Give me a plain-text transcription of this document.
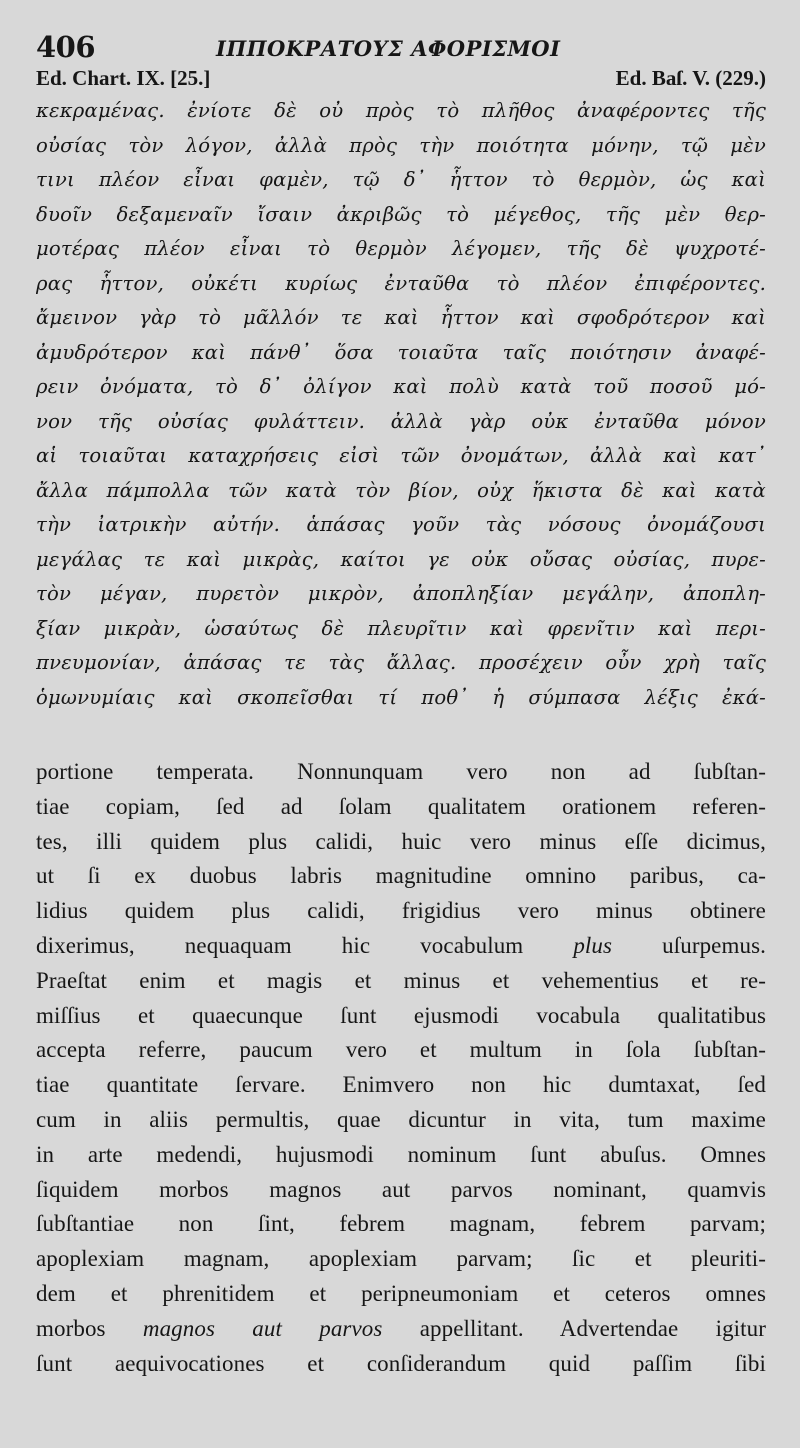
406	ΙΠΠΟΚΡΑΤΟΥΣ ΑΦΟΡΙΣΜΟΙ
Ed. Chart. IX. [25.]	Ed. Baſ. V. (229.)
κεκραμένας. ἐνίοτε δὲ οὐ πρὸς τὸ πλῆθος ἀναφέροντες τῆς
οὐσίας τὸν λόγον, ἀλλὰ πρὸς τὴν ποιότητα μόνην, τῷ μὲν
τινι πλέον εἶναι φαμὲν, τῷ δ᾽ ἧττον τὸ θερμὸν, ὡς καὶ
δυοῖν δεξαμεναῖν ἴσαιν ἀκριβῶς τὸ μέγεθος, τῆς μὲν θερ-
μοτέρας πλέον εἶναι τὸ θερμὸν λέγομεν, τῆς δὲ ψυχροτέ-
ρας ἧττον, οὐκέτι κυρίως ἐνταῦθα τὸ πλέον ἐπιφέροντες.
ἄμεινον γὰρ τὸ μᾶλλόν τε καὶ ἧττον καὶ σφοδρότερον καὶ
ἀμυδρότερον καὶ πάνθ᾽ ὅσα τοιαῦτα ταῖς ποιότησιν ἀναφέ-
ρειν ὀνόματα, τὸ δ᾽ ὀλίγον καὶ πολὺ κατὰ τοῦ ποσοῦ μό-
νον τῆς οὐσίας φυλάττειν. ἀλλὰ γὰρ οὐκ ἐνταῦθα μόνον
αἱ τοιαῦται καταχρήσεις εἰσὶ τῶν ὀνομάτων, ἀλλὰ καὶ κατ᾽
ἄλλα πάμπολλα τῶν κατὰ τὸν βίον, οὐχ ἥκιστα δὲ καὶ κατὰ
τὴν ἰατρικὴν αὐτήν. ἁπάσας γοῦν τὰς νόσους ὀνομάζουσι
μεγάλας τε καὶ μικρὰς, καίτοι γε οὐκ οὔσας οὐσίας, πυρε-
τὸν μέγαν, πυρετὸν μικρὸν, ἀποπληξίαν μεγάλην, ἀποπλη-
ξίαν μικρὰν, ὡσαύτως δὲ πλευρῖτιν καὶ φρενῖτιν καὶ περι-
πνευμονίαν, ἁπάσας τε τὰς ἄλλας. προσέχειν οὖν χρὴ ταῖς
ὁμωνυμίαις καὶ σκοπεῖσθαι τί ποθ᾽ ἡ σύμπασα λέξις ἐκά-
portione temperata. Nonnunquam vero non ad ſubſtan-
tiae copiam, ſed ad ſolam qualitatem orationem referen-
tes, illi quidem plus calidi, huic vero minus eſſe dicimus,
ut ſi ex duobus labris magnitudine omnino paribus, ca-
lidius quidem plus calidi, frigidius vero minus obtinere
dixerimus, nequaquam hic vocabulum plus uſurpemus.
Praeſtat enim et magis et minus et vehementius et re-
miſſius et quaecunque ſunt ejusmodi vocabula qualitatibus
accepta referre, paucum vero et multum in ſola ſubſtan-
tiae quantitate ſervare. Enimvero non hic dumtaxat, ſed
cum in aliis permultis, quae dicuntur in vita, tum maxime
in arte medendi, hujusmodi nominum ſunt abuſus. Omnes
ſiquidem morbos magnos aut parvos nominant, quamvis
ſubſtantiae non ſint, febrem magnam, febrem parvam;
apoplexiam magnam, apoplexiam parvam; ſic et pleuriti-
dem et phrenitidem et peripneumoniam et ceteros omnes
morbos magnos aut parvos appellitant. Advertendae igitur
ſunt aequivocationes et conſiderandum quid paſſim ſibi
